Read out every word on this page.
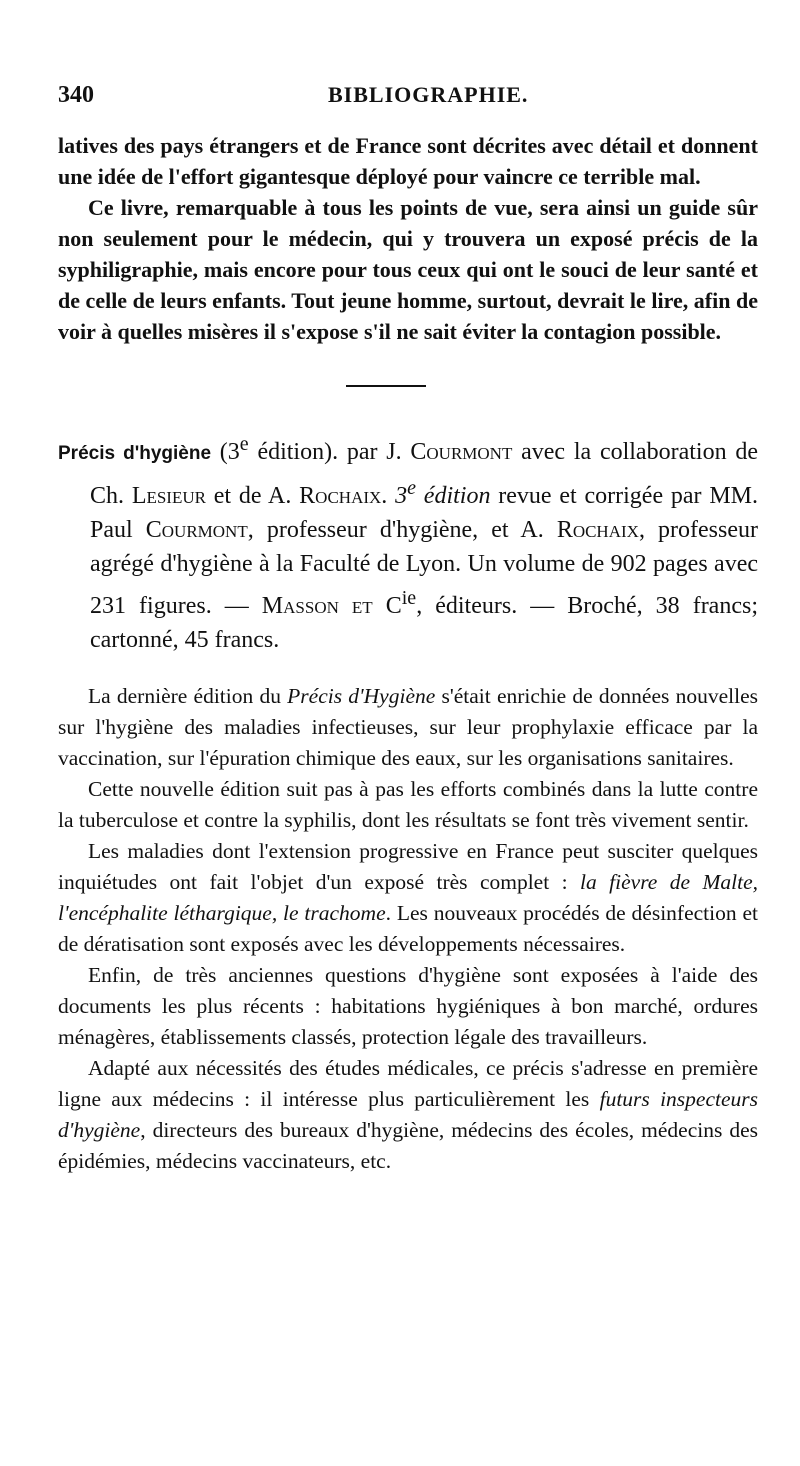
340	BIBLIOGRAPHIE.

latives des pays étrangers et de France sont décrites avec détail et donnent une idée de l'effort gigantesque déployé pour vaincre ce terrible mal.

Ce livre, remarquable à tous les points de vue, sera ainsi un guide sûr non seulement pour le médecin, qui y trouvera un exposé précis de la syphiligraphie, mais encore pour tous ceux qui ont le souci de leur santé et de celle de leurs enfants. Tout jeune homme, surtout, devrait le lire, afin de voir à quelles misères il s'expose s'il ne sait éviter la contagion possible.

Précis d'hygiène (3e édition). par J. Courmont avec la collaboration de Ch. Lesieur et de A. Rochaix. 3e édition revue et corrigée par MM. Paul Courmont, professeur d'hygiène, et A. Rochaix, professeur agrégé d'hygiène à la Faculté de Lyon. Un volume de 902 pages avec 231 figures. — Masson et $C^{ie}$, éditeurs. — Broché, 38 francs; cartonné, 45 francs.

La dernière édition du Précis d'Hygiène s'était enrichie de données nouvelles sur l'hygiène des maladies infectieuses, sur leur prophylaxie efficace par la vaccination, sur l'épuration chimique des eaux, sur les organisations sanitaires.

Cette nouvelle édition suit pas à pas les efforts combinés dans la lutte contre la tuberculose et contre la syphilis, dont les résultats se font très vivement sentir.

Les maladies dont l'extension progressive en France peut susciter quelques inquiétudes ont fait l'objet d'un exposé très complet : la fièvre de Malte, l'encéphalite léthargique, le trachome. Les nouveaux procédés de désinfection et de dératisation sont exposés avec les développements nécessaires.

Enfin, de très anciennes questions d'hygiène sont exposées à l'aide des documents les plus récents : habitations hygiéniques à bon marché, ordures ménagères, établissements classés, protection légale des travailleurs.

Adapté aux nécessités des études médicales, ce précis s'adresse en première ligne aux médecins : il intéresse plus particulièrement les futurs inspecteurs d'hygiène, directeurs des bureaux d'hygiène, médecins des écoles, médecins des épidémies, médecins vaccinateurs, etc.
